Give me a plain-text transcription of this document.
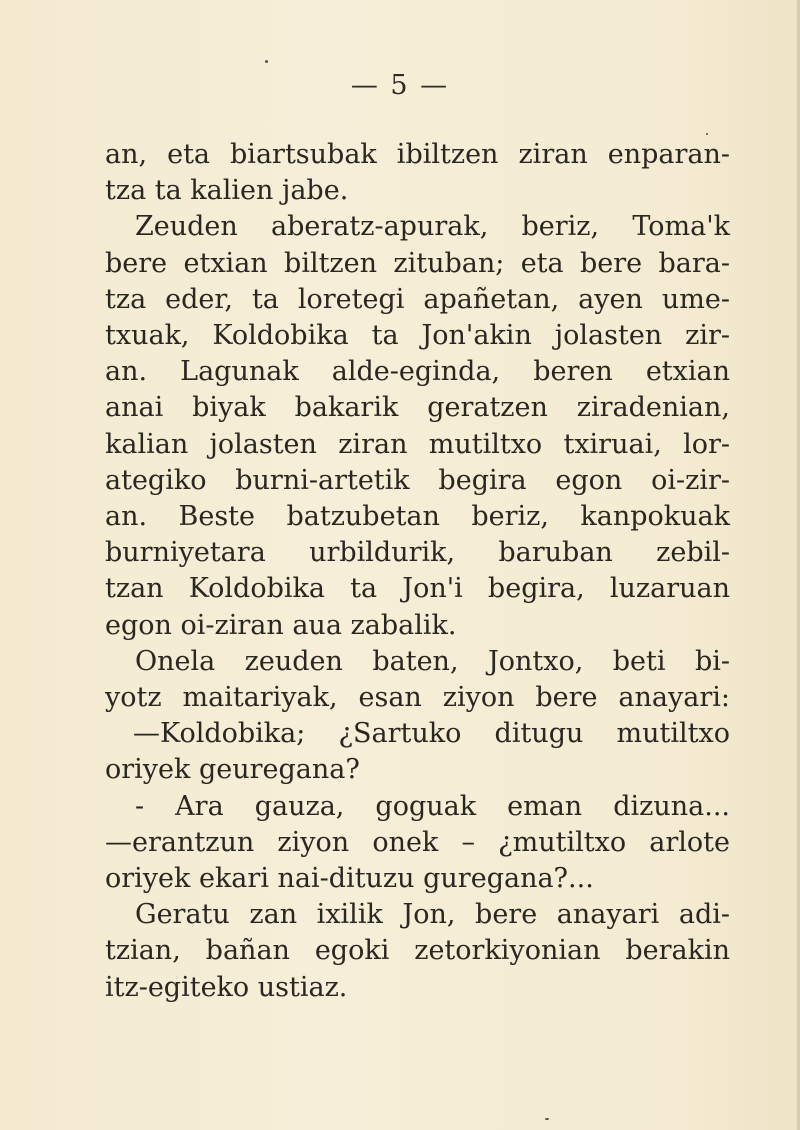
— 5 —
an, eta biartsubak ibiltzen ziran enparan-
tza ta kalien jabe.
Zeuden aberatz-apurak, beriz, Toma'k
bere etxian biltzen zituban; eta bere bara-
tza eder, ta loretegi apañetan, ayen ume-
txuak, Koldobika ta Jon'akin jolasten zir-
an. Lagunak alde-eginda, beren etxian
anai biyak bakarik geratzen ziradenian,
kalian jolasten ziran mutiltxo txiruai, lor-
ategiko burni-artetik begira egon oi-zir-
an. Beste batzubetan beriz, kanpokuak
burniyetara urbildurik, baruban zebil-
tzan Koldobika ta Jon'i begira, luzaruan
egon oi-ziran aua zabalik.
Onela zeuden baten, Jontxo, beti bi-
yotz maitariyak, esan ziyon bere anayari:
—Koldobika; ¿Sartuko ditugu mutiltxo
oriyek geuregana?
- Ara gauza, goguak eman dizuna...
—erantzun ziyon onek – ¿mutiltxo arlote
oriyek ekari nai-dituzu guregana?...
Geratu zan ixilik Jon, bere anayari adi-
tzian, bañan egoki zetorkiyonian berakin
itz-egiteko ustiaz.
